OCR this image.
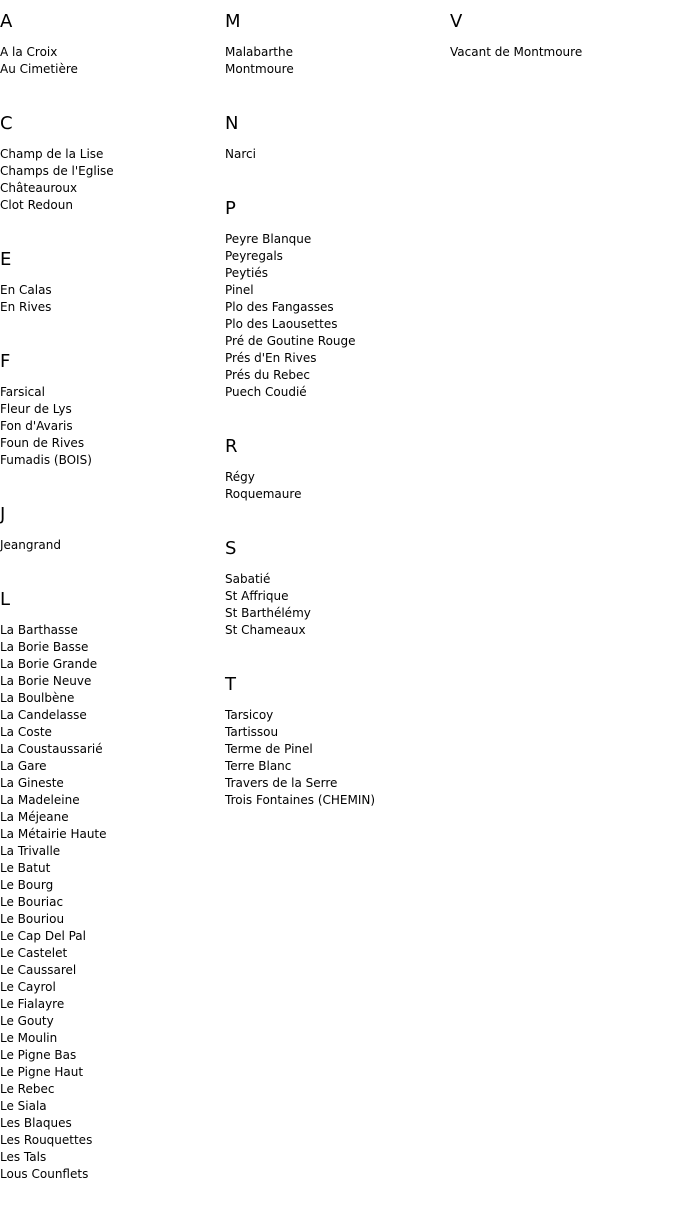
A
A la Croix
Au Cimetière
C
Champ de la Lise
Champs de l'Eglise
Châteauroux
Clot Redoun
E
En Calas
En Rives
F
Farsical
Fleur de Lys
Fon d'Avaris
Foun de Rives
Fumadis (BOIS)
J
Jeangrand
L
La Barthasse
La Borie Basse
La Borie Grande
La Borie Neuve
La Boulbène
La Candelasse
La Coste
La Coustaussarié
La Gare
La Gineste
La Madeleine
La Méjeane
La Métairie Haute
La Trivalle
Le Batut
Le Bourg
Le Bouriac
Le Bouriou
Le Cap Del Pal
Le Castelet
Le Caussarel
Le Cayrol
Le Fialayre
Le Gouty
Le Moulin
Le Pigne Bas
Le Pigne Haut
Le Rebec
Le Siala
Les Blaques
Les Rouquettes
Les Tals
Lous Counflets
M
Malabarthe
Montmoure
N
Narci
P
Peyre Blanque
Peyregals
Peytiés
Pinel
Plo des Fangasses
Plo des Laousettes
Pré de Goutine Rouge
Prés d'En Rives
Prés du Rebec
Puech Coudié
R
Régy
Roquemaure
S
Sabatié
St Affrique
St Barthélémy
St Chameaux
T
Tarsicoy
Tartissou
Terme de Pinel
Terre Blanc
Travers de la Serre
Trois Fontaines (CHEMIN)
V
Vacant de Montmoure
